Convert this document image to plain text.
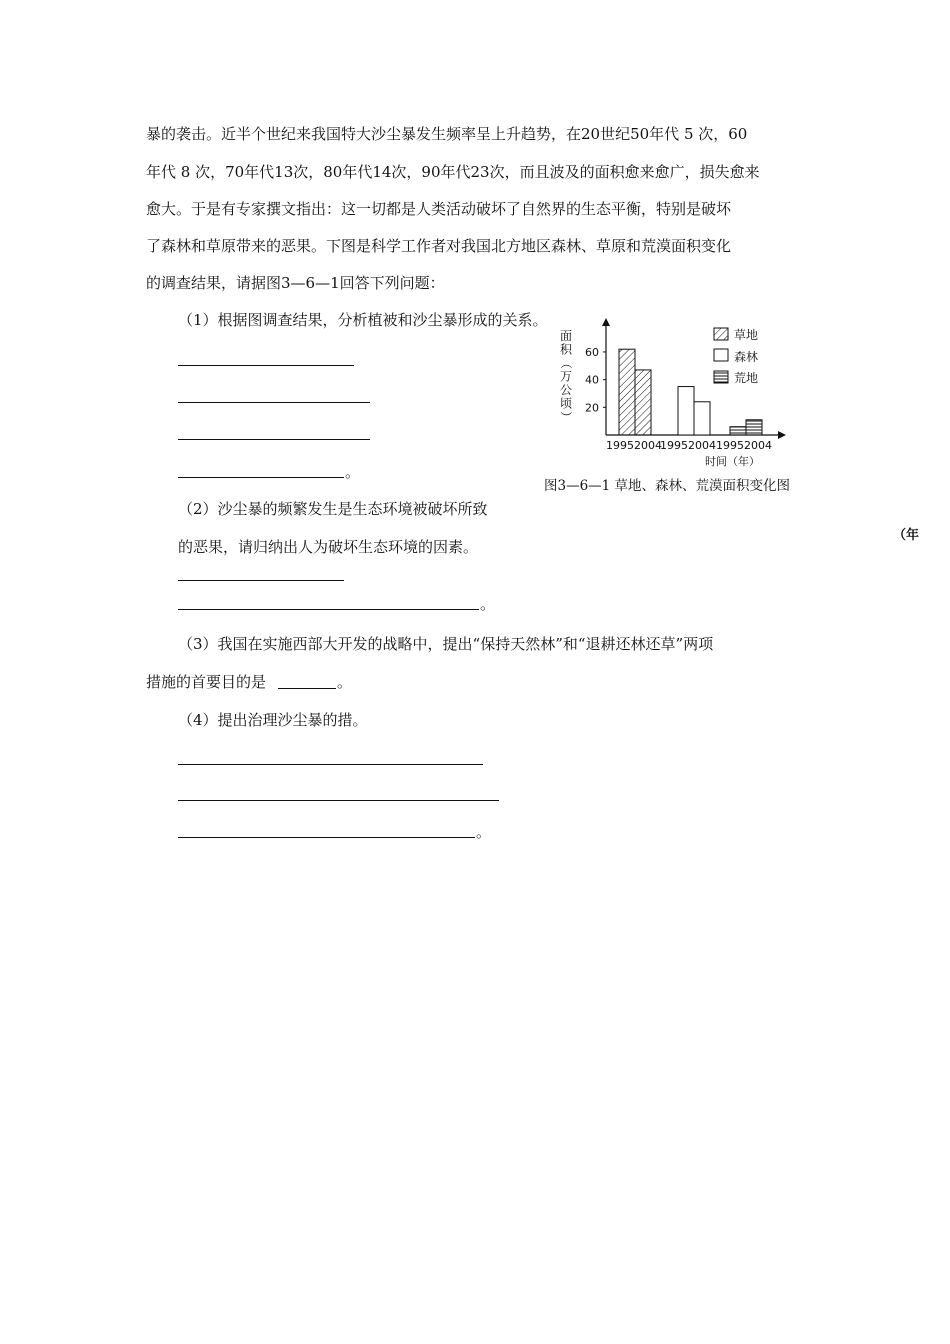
暴的袭击。近半个世纪来我国特大沙尘暴发生频率呈上升趋势，在20世纪50年代 5 次，60
年代 8 次，70年代13次，80年代14次，90年代23次，而且波及的面积愈来愈广，损失愈来
愈大。于是有专家撰文指出：这一切都是人类活动破坏了自然界的生态平衡，特别是破坏
了森林和草原带来的恶果。下图是科学工作者对我国北方地区森林、草原和荒漠面积变化
的调查结果，请据图3—6—1回答下列问题：
（1）根据图调查结果，分析植被和沙尘暴形成的关系。
。
面
积
（
万
公
顷
）
20
40
60
1995 2004
1995 2004 1995 2004
草地
森林
荒地
时间（年）
图3—6—1 草地、森林、荒漠面积变化图
（2）沙尘暴的频繁发生是生态环境被破坏所致
的恶果，请归纳出人为破坏生态环境的因素。
。
（年
（3）我国在实施西部大开发的战略中，提出“保持天然林”和“退耕还林还草”两项
措施的首要目的是	。
（4）提出治理沙尘暴的措。
。
